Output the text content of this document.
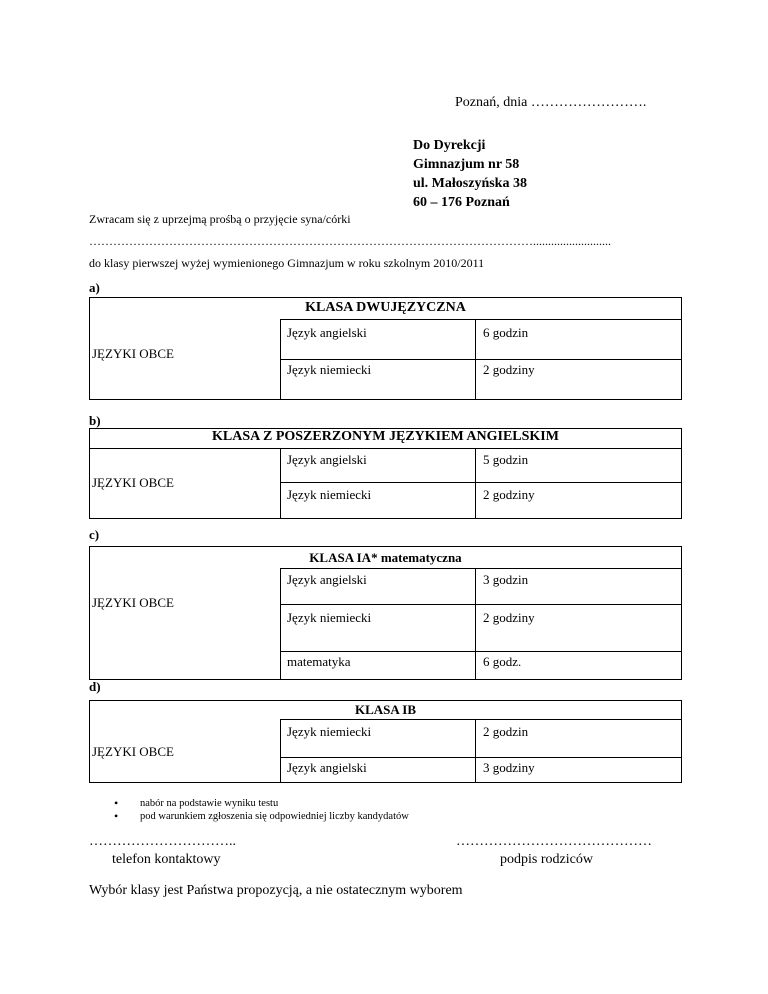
Poznań, dnia …………………….
Do Dyrekcji
Gimnazjum nr 58
ul. Małoszyńska 38
60 – 176 Poznań
Zwracam się z uprzejmą prośbą o przyjęcie syna/córki
…………………………………………………………………………………………………..........................
do klasy pierwszej wyżej wymienionego Gimnazjum w roku szkolnym 2010/2011
a)
KLASA DWUJĘZYCZNA
JĘZYKI OBCE
Język angielski	6 godzin
Język niemiecki	2 godziny
b)
KLASA Z POSZERZONYM JĘZYKIEM ANGIELSKIM
JĘZYKI OBCE
Język angielski	5 godzin
Język niemiecki	2 godziny
c)
KLASA IA* matematyczna
JĘZYKI OBCE
Język angielski	3 godzin
Język niemiecki	2 godziny
matematyka	6 godz.
d)
KLASA IB
JĘZYKI OBCE
Język niemiecki	2 godzin
Język angielski	3 godziny
• nabór na podstawie wyniku testu
• pod warunkiem zgłoszenia się odpowiedniej liczby kandydatów
…………………………..
telefon kontaktowy
……………………………………
podpis rodziców
Wybór klasy jest Państwa propozycją, a nie ostatecznym wyborem
